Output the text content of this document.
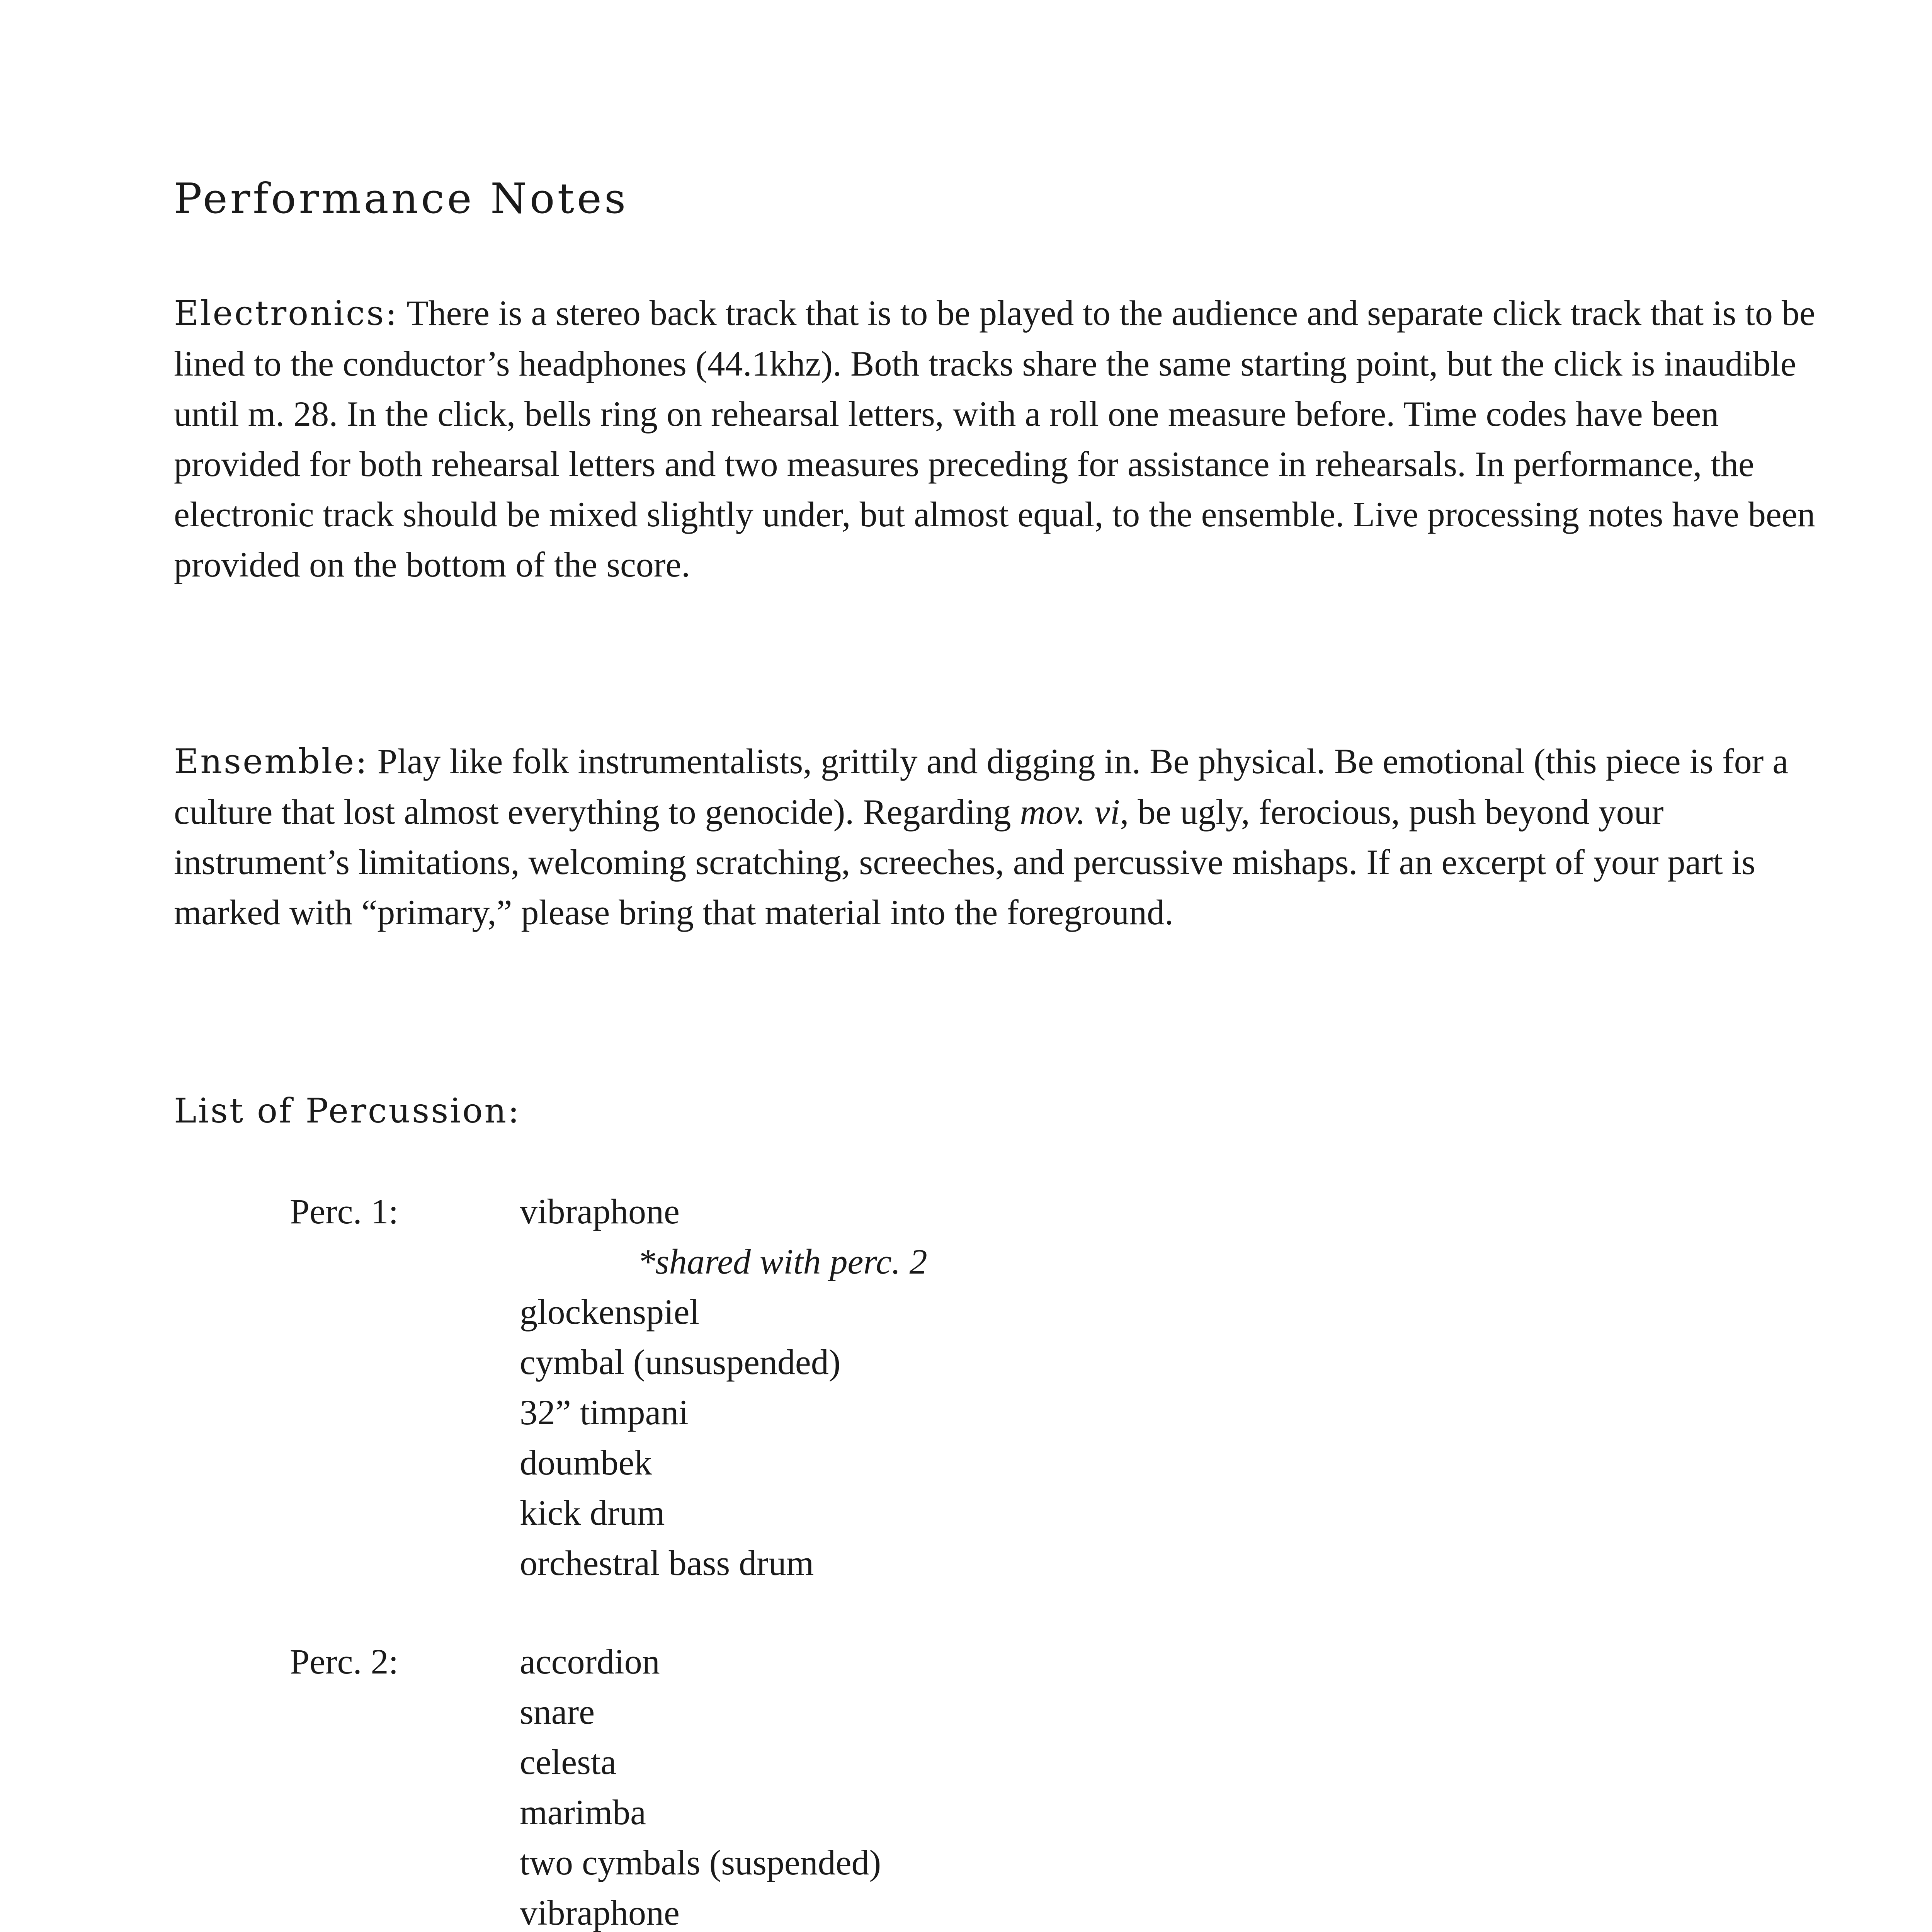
Performance Notes

Electronics: There is a stereo back track that is to be played to the audience and separate click track that is to be lined to the conductor’s headphones (44.1khz). Both tracks share the same starting point, but the click is inaudible until m. 28. In the click, bells ring on rehearsal letters, with a roll one measure before. Time codes have been provided for both rehearsal letters and two measures preceding for assistance in rehearsals. In performance, the electronic track should be mixed slightly under, but almost equal, to the ensemble. Live processing notes have been provided on the bottom of the score.

Ensemble: Play like folk instrumentalists, grittily and digging in. Be physical. Be emotional (this piece is for a culture that lost almost everything to genocide). Regarding mov. vi, be ugly, ferocious, push beyond your instrument’s limitations, welcoming scratching, screeches, and percussive mishaps. If an excerpt of your part is marked with “primary,” please bring that material into the foreground.

List of Percussion:
Perc. 1:	vibraphone
*shared with perc. 2
glockenspiel
cymbal (unsuspended)
32” timpani
doumbek
kick drum
orchestral bass drum
Perc. 2:	accordion
snare
celesta
marimba
two cymbals (suspended)
vibraphone
